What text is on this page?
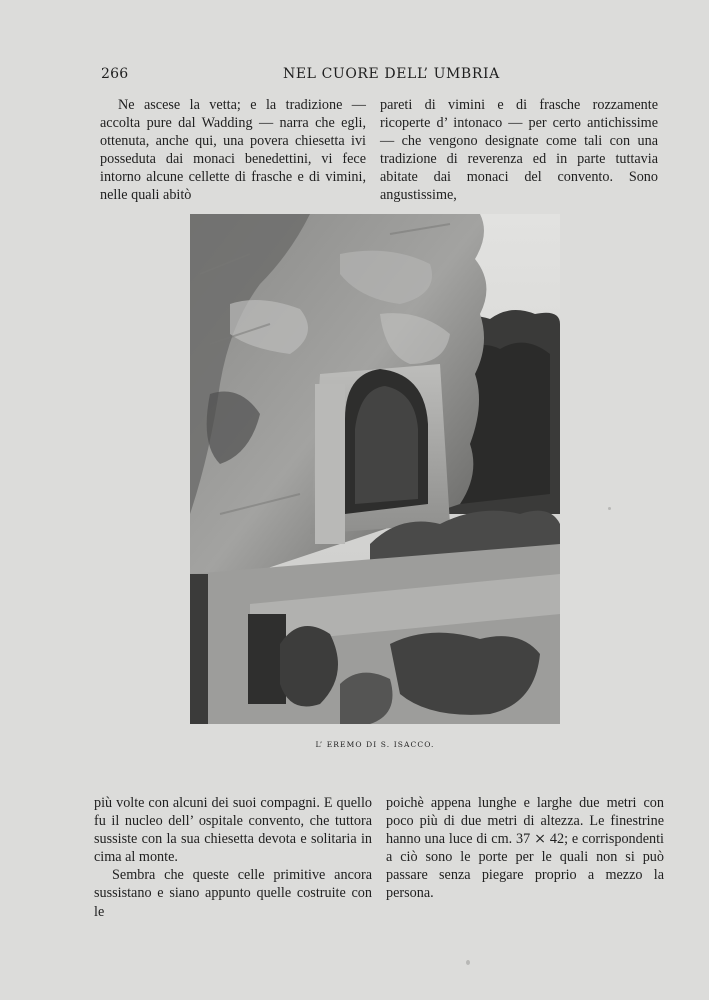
266	NEL CUORE DELL’ UMBRIA

Ne ascese la vetta; e la tradizione — accolta pure dal Wadding — narra che egli, ottenuta, anche qui, una povera chiesetta ivi posseduta dai monaci benedettini, vi fece intorno alcune cellette di frasche e di vimini, nelle quali abitò

pareti di vimini e di frasche rozzamente ricoperte d’ intonaco — per certo antichissime — che vengono designate come tali con una tradizione di reverenza ed in parte tuttavia abitate dai monaci del convento. Sono angustissime,

L’ EREMO DI S. ISACCO.

più volte con alcuni dei suoi compagni. E quello fu il nucleo dell’ ospitale convento, che tuttora sussiste con la sua chiesetta devota e solitaria in cima al monte.

Sembra che queste celle primitive ancora sussistano e siano appunto quelle costruite con le

poichè appena lunghe e larghe due metri con poco più di due metri di altezza. Le finestrine hanno una luce di cm. 37 ⨯ 42; e corrispondenti a ciò sono le porte per le quali non si può passare senza piegare proprio a mezzo la persona.
